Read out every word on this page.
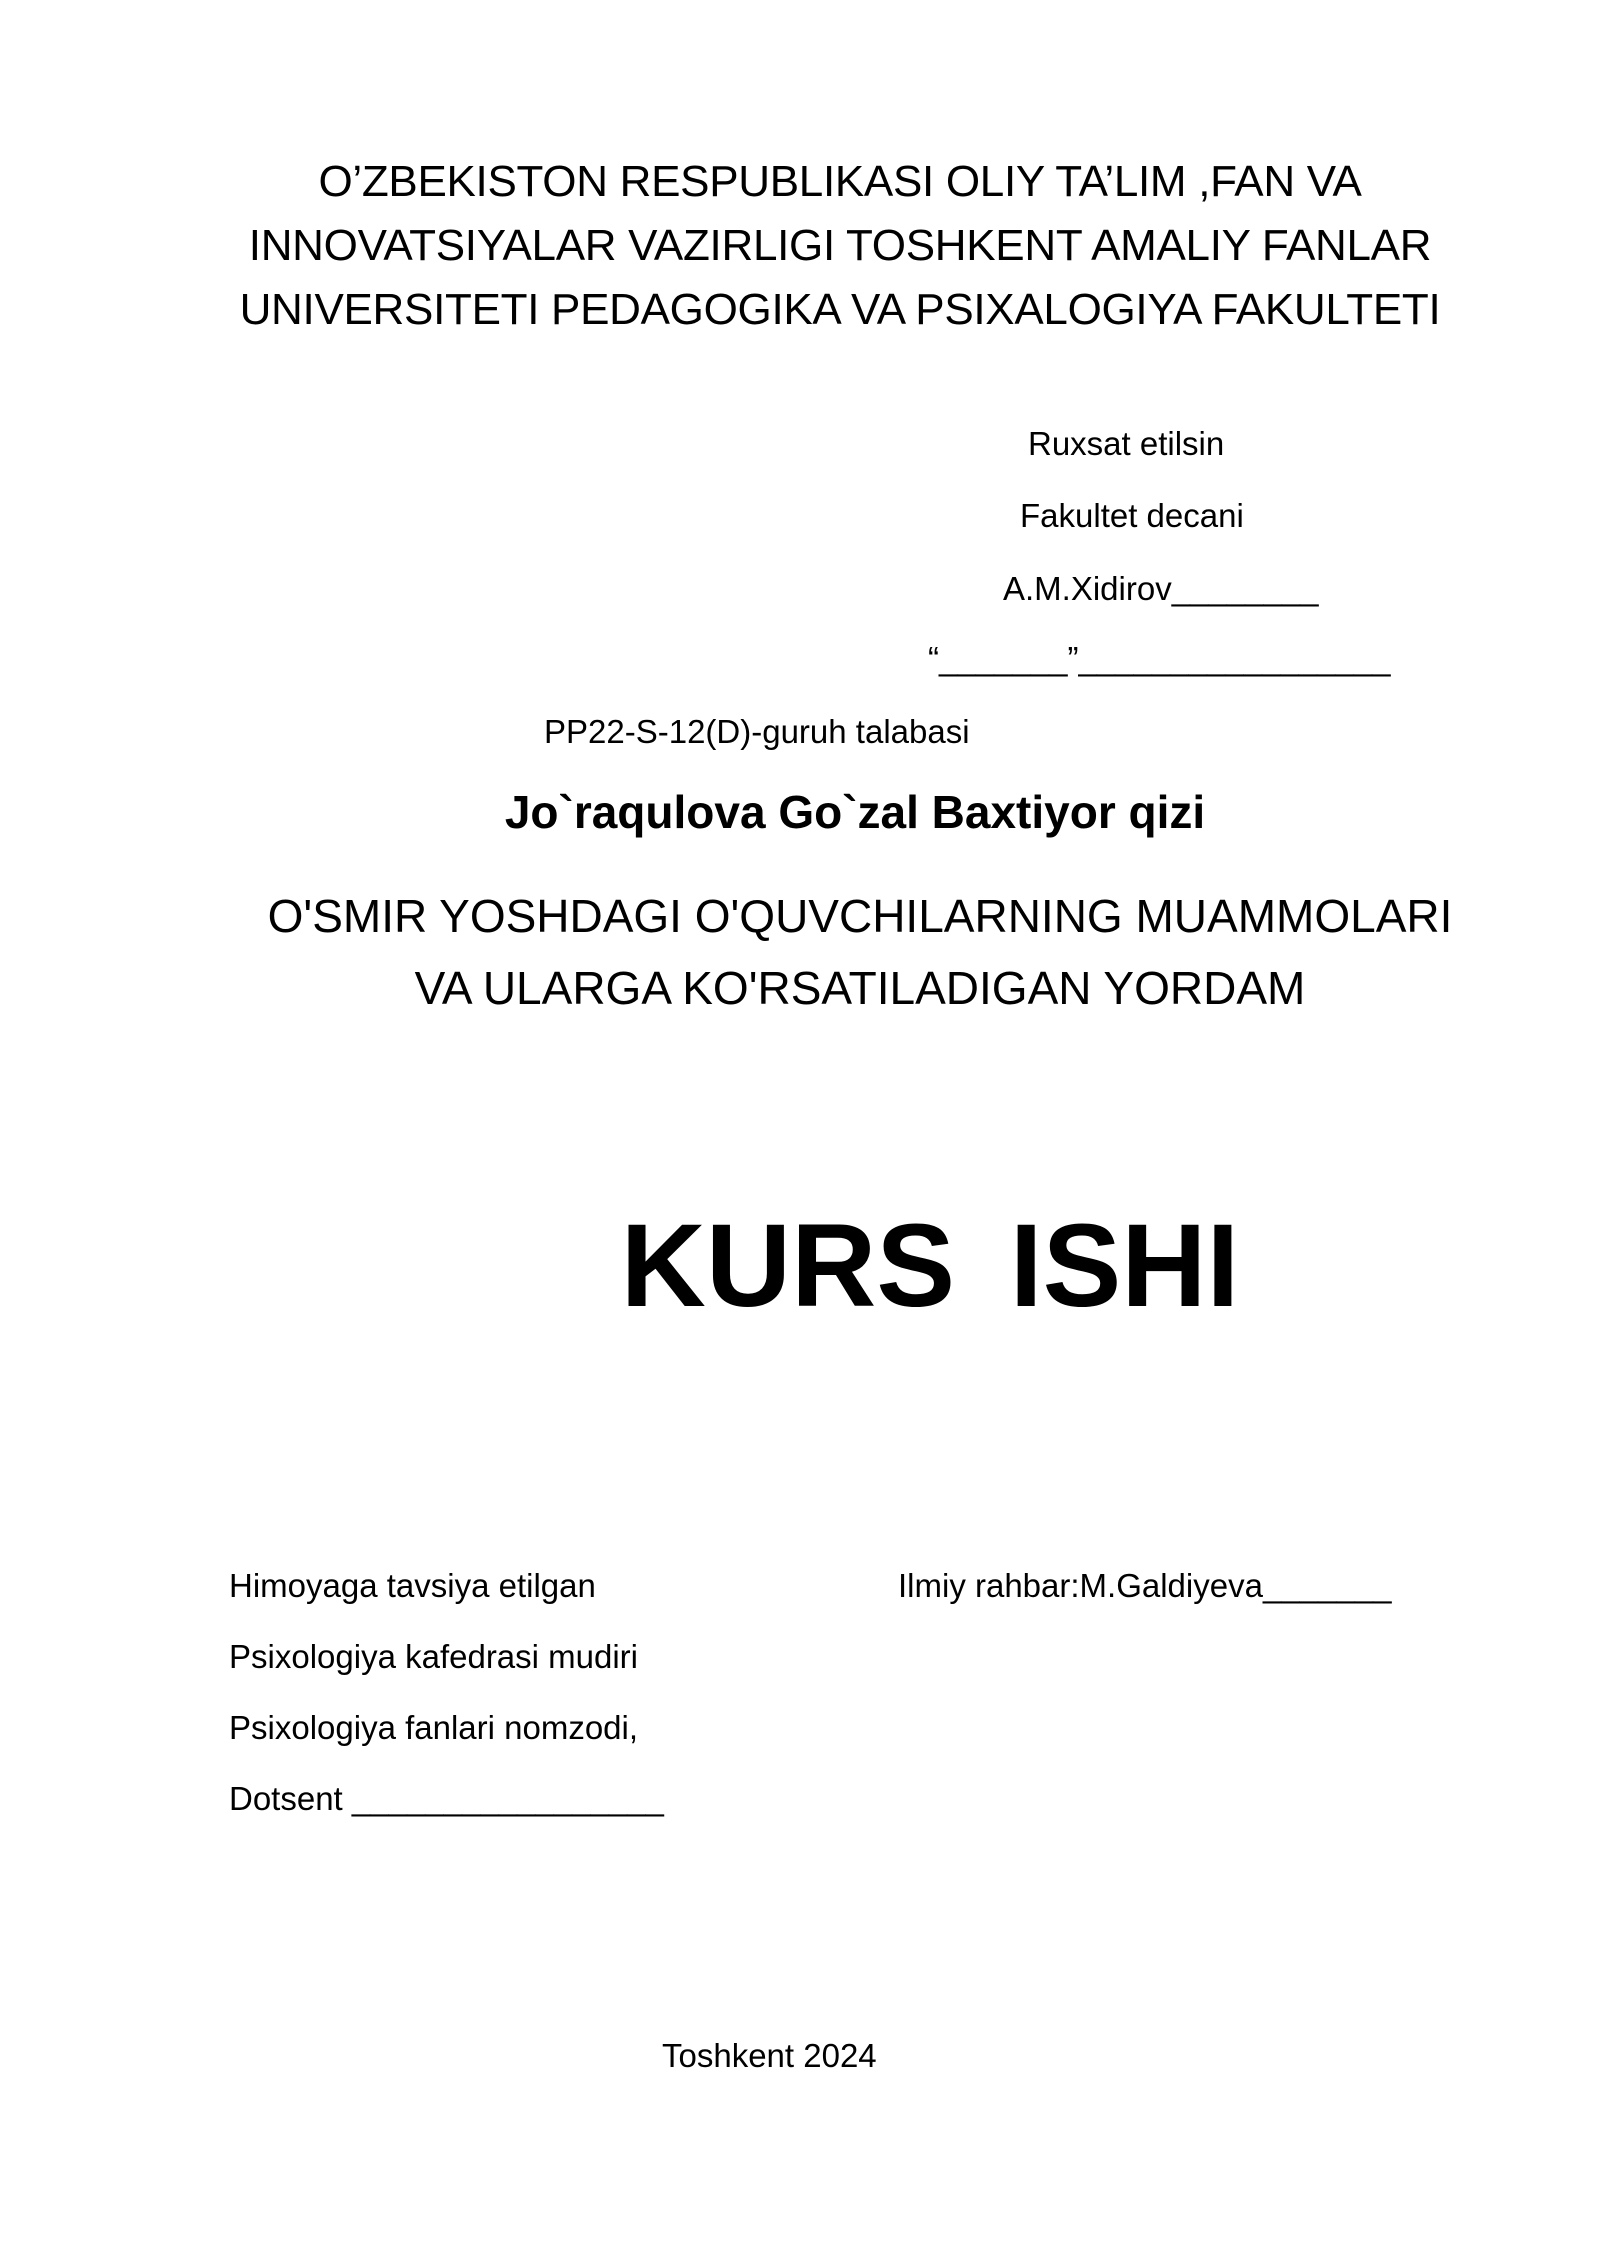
O’ZBEKISTON RESPUBLIKASI OLIY TA’LIM ,FAN VA
INNOVATSIYALAR VAZIRLIGI TOSHKENT AMALIY FANLAR
UNIVERSITETI PEDAGOGIKA VA PSIXALOGIYA FAKULTETI
Ruxsat etilsin
Fakultet decani
A.M.Xidirov________
“_______”_________________
PP22-S-12(D)-guruh talabasi
Jo`raqulova Go`zal Baxtiyor qizi
O'SMIR YOSHDAGI O'QUVCHILARNING MUAMMOLARI
VA ULARGA KO'RSATILADIGAN YORDAM
KURS ISHI
Himoyaga tavsiya etilgan
Psixologiya kafedrasi mudiri
Psixologiya fanlari nomzodi,
Dotsent _________________
Ilmiy rahbar:M.Galdiyeva_______
Toshkent 2024
